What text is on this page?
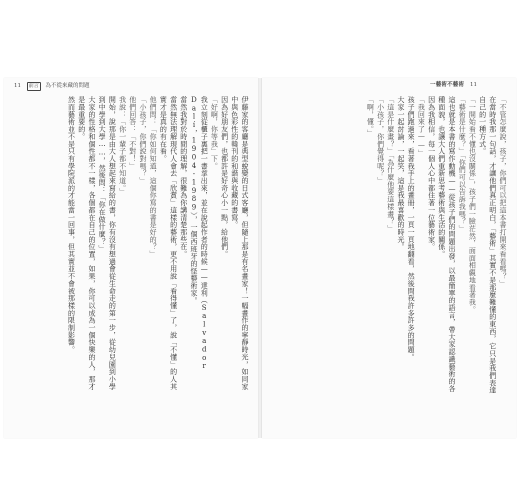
11 前言 為不從來藏的問題	一藝術不藝術 11

伊藤家的客廳是典型蛻變的日式客廳，但隨上那是有名畫家！一幅畫作的寧靜時光，如同家中與色彩性的韓刊的和諧與收藏的書寫。

因為好朋友們，也都許是好奇心小一點，給他們。

「好啊，你等我」下。

我立刻從櫃子裏把一書拿出來，並在說起作者的時候——達利（Salvador Dalí，1904-1989），一個西班牙的怪藝術家。

當然我對於時間的理解，很難為你講清楚那些在。

當然無法理解現代人會去「欣賞」這樣的藝術，更不用說「看得懂」了，說「不懂」的人其實才是真的有在看。

他們問：「你如何知道，這個你寫的書是好的？」

「小孩子，你們說對嗎？」

他們回答：「不對！」

我說：「你一輩子都不知道。」

開始，說那是由大人想起來寫給的書，你有沒有想過會從生命走的第一步，從幼兒園到小學到中學到大學……，然後問：「你在做什麼？」

大家的性格和個性都不一樣，各個都在自己的位置，如果，你可以成為一個快樂的人，那才是最重要的。

然而藝術並不是只有學院派的才能當一回事，但其實並不會被那樣的限制影響。	「不管怎麼說，孩子，你們可以把這本書打開來看看嗎？」

在當時我那一句話，才讓他們真正明白，「藝術」其實不是那麼難懂的東西，它只是我們表達自己的一種方式。

「一開始看不懂也沒關係」，孩子們一臉茫然，面面相覷地看著我。

「藝術是什麼？」「你們可以告訴我嗎？」

這也就是本書的寫作動機——從孩子們的問題出發，以最簡單的語言，帶大家認識藝術的各種面貌，也讓大人們重新思考藝術與生活的關係。

因為我相信，每一個人心中都住著一位藝術家。

「我回來了——」

孩子們跑過來，看著我手上的畫冊，一頁一頁地翻看，然後問我許多許多的問題。

大家一起討論，一起笑，這是我最喜歡的時光。

「這是什麼畫？」「為什麼他要這樣畫？」

「小孩子，你們覺得呢？」

「啊，懂。」
